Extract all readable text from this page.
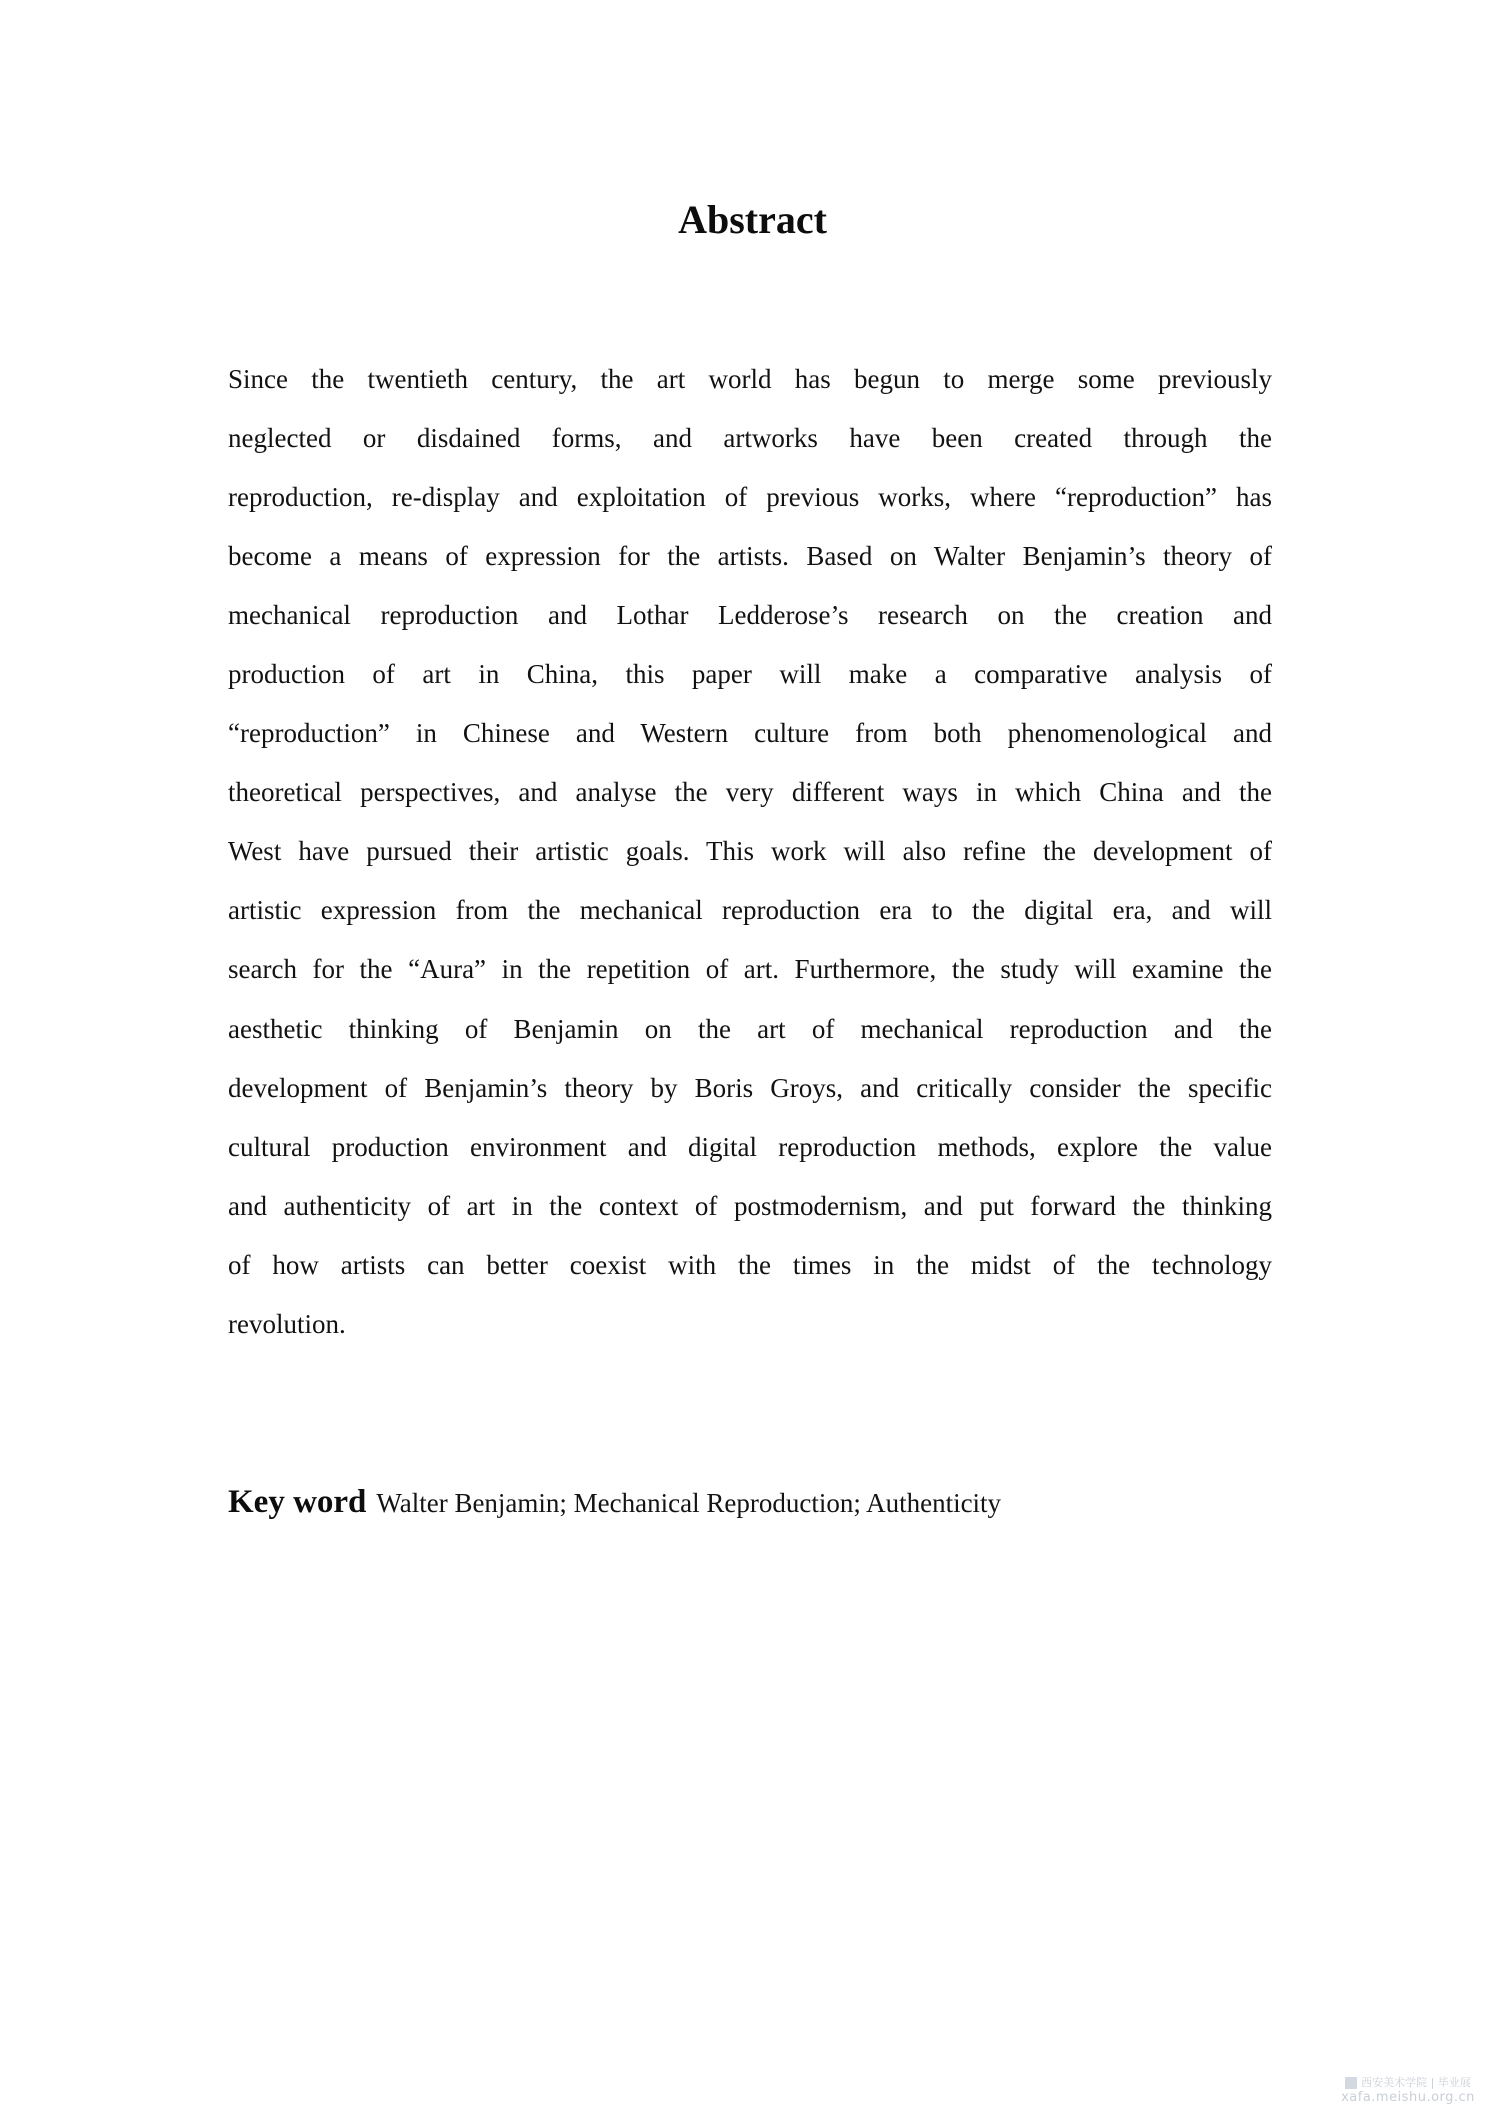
Abstract
Since the twentieth century, the art world has begun to merge some previously
neglected or disdained forms, and artworks have been created through the
reproduction, re-display and exploitation of previous works, where “reproduction” has
become a means of expression for the artists. Based on Walter Benjamin’s theory of
mechanical reproduction and Lothar Ledderose’s research on the creation and
production of art in China, this paper will make a comparative analysis of
“reproduction” in Chinese and Western culture from both phenomenological and
theoretical perspectives, and analyse the very different ways in which China and the
West have pursued their artistic goals. This work will also refine the development of
artistic expression from the mechanical reproduction era to the digital era, and will
search for the “Aura” in the repetition of art. Furthermore, the study will examine the
aesthetic thinking of Benjamin on the art of mechanical reproduction and the
development of Benjamin’s theory by Boris Groys, and critically consider the specific
cultural production environment and digital reproduction methods, explore the value
and authenticity of art in the context of postmodernism, and put forward the thinking
of how artists can better coexist with the times in the midst of the technology
revolution.

Key word Walter Benjamin; Mechanical Reproduction; Authenticity

西安美术学院 | 毕业展
xafa.meishu.org.cn
